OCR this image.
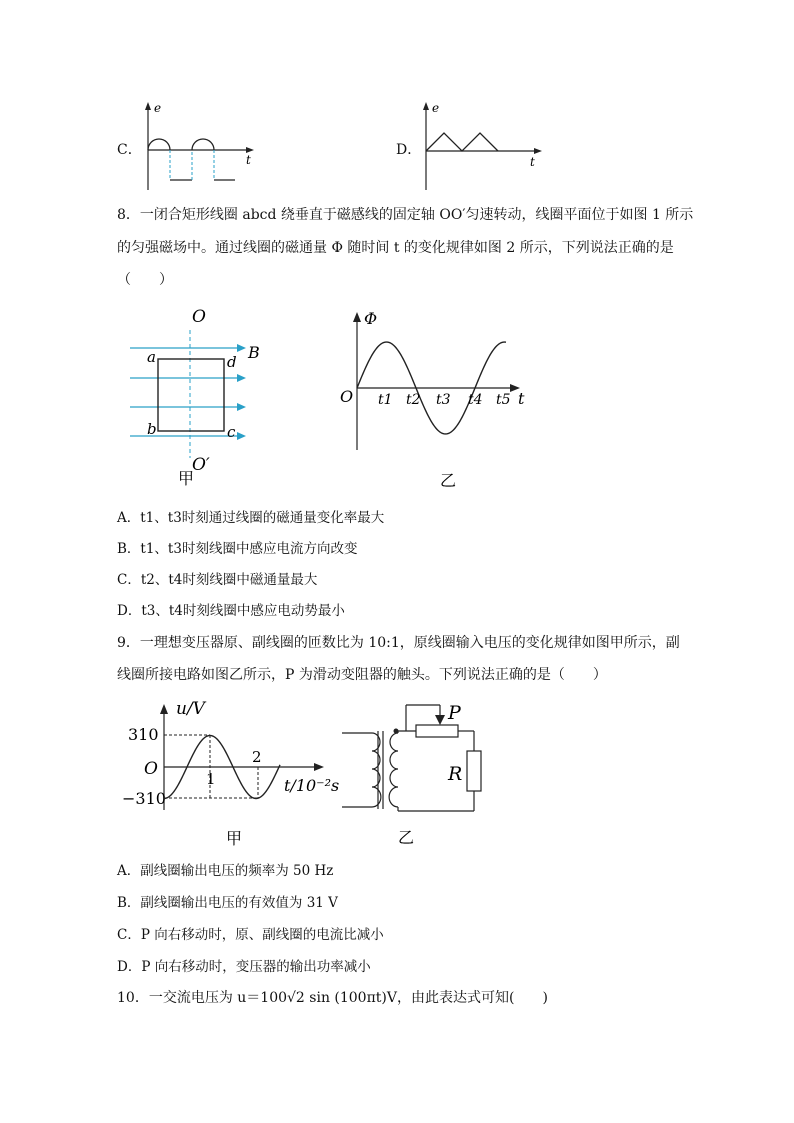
C．
e
t
D．
e
t
8．一闭合矩形线圈 abcd 绕垂直于磁感线的固定轴 OO′匀速转动，线圈平面位于如图 1 所示
的匀强磁场中。通过线圈的磁通量 Φ 随时间 t 的变化规律如图 2 所示，下列说法正确的是
（　　）
O
O′
a	d
b	c
B
甲
Φ
O	t
t1 t2 t3 t4 t5
乙
A．t1、t3时刻通过线圈的磁通量变化率最大
B．t1、t3时刻线圈中感应电流方向改变
C．t2、t4时刻线圈中磁通量最大
D．t3、t4时刻线圈中感应电动势最小
9．一理想变压器原、副线圈的匝数比为 10:1，原线圈输入电压的变化规律如图甲所示，副
线圈所接电路如图乙所示，P 为滑动变阻器的触头。下列说法正确的是（　　）
u/V
310
−310
O	1
2
t/10⁻²s
甲
P
R
乙
A．副线圈输出电压的频率为 50 Hz
B．副线圈输出电压的有效值为 31 V
C．P 向右移动时，原、副线圈的电流比减小
D．P 向右移动时，变压器的输出功率减小
10．一交流电压为 u＝100√2 sin (100πt)V，由此表达式可知(　　)
